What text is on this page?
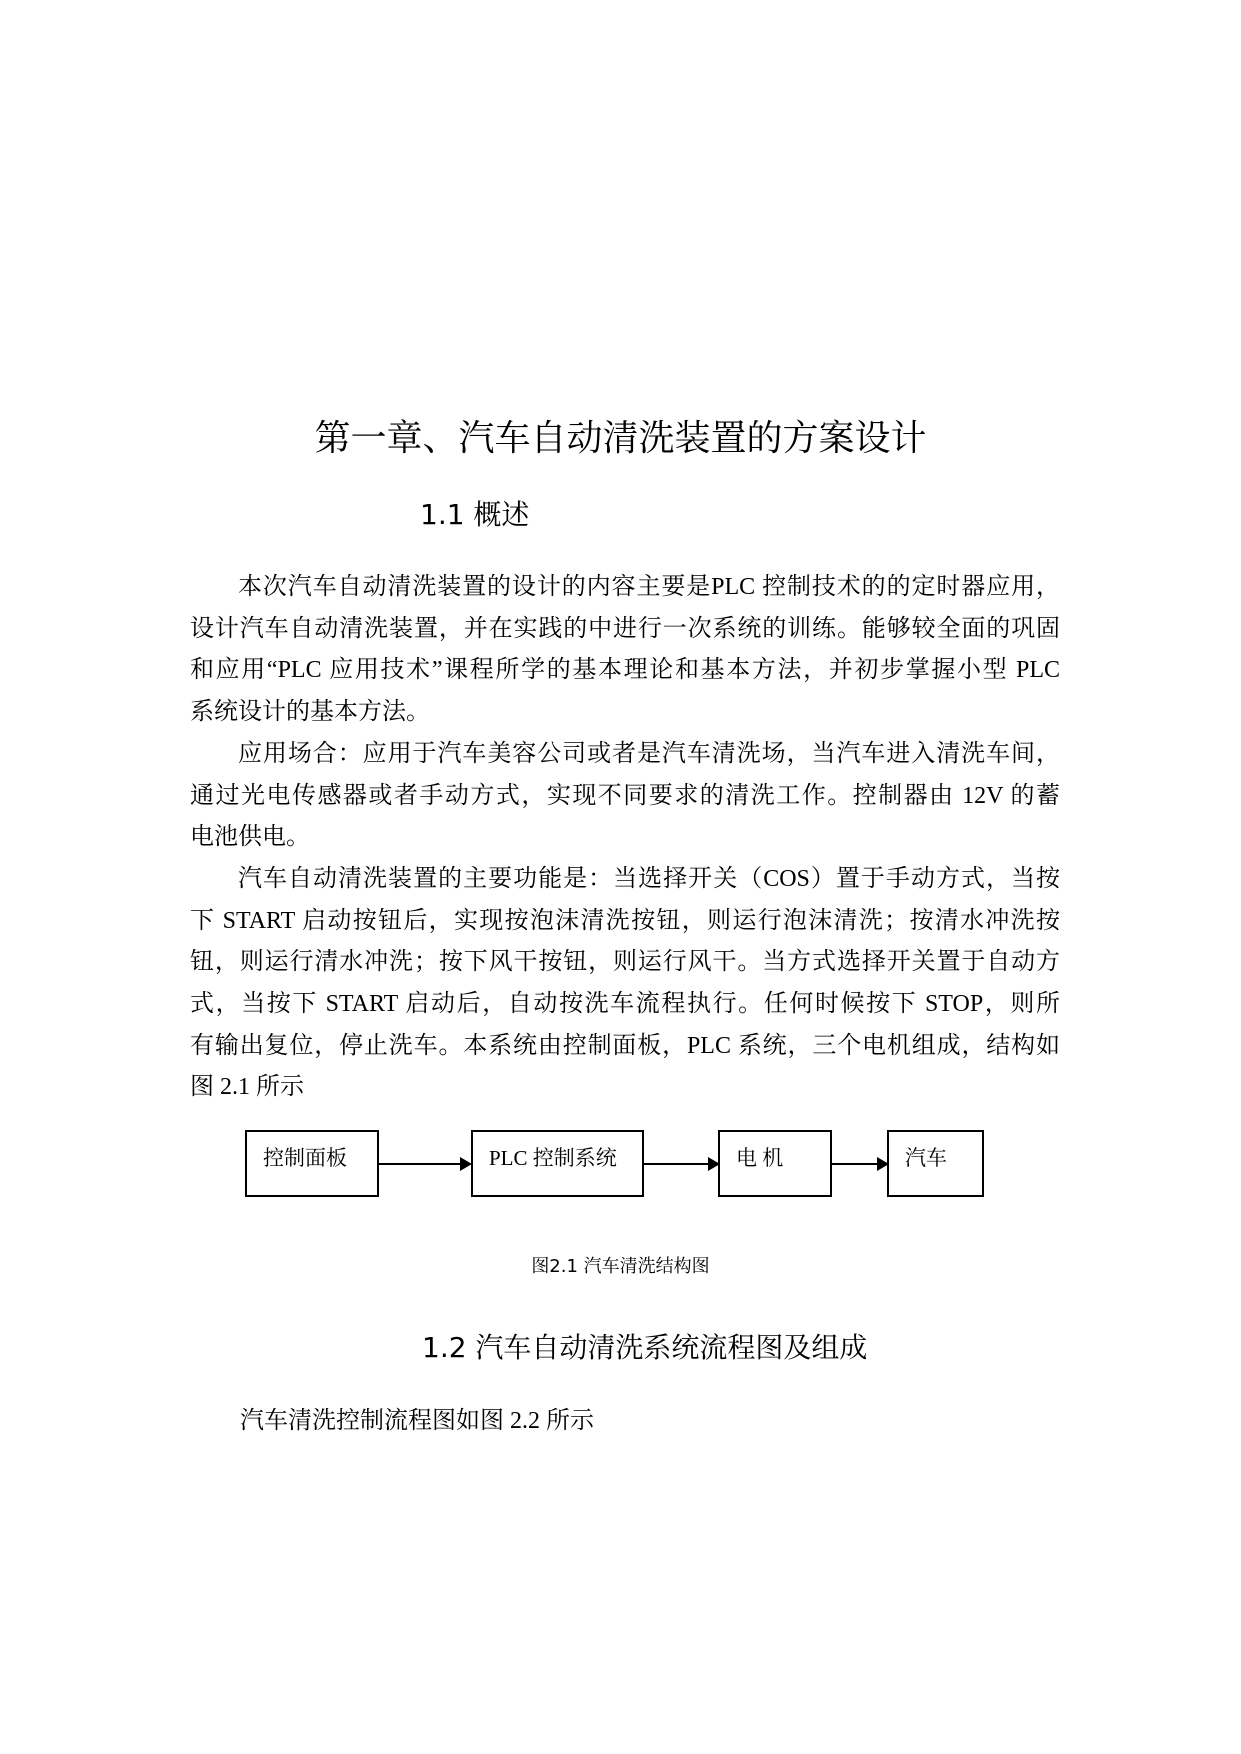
第一章、汽车自动清洗装置的方案设计
1.1 概述
本次汽车自动清洗装置的设计的内容主要是PLC 控制技术的的定时器应用，
设计汽车自动清洗装置，并在实践的中进行一次系统的训练。能够较全面的巩固
和应用“PLC 应用技术”课程所学的基本理论和基本方法，并初步掌握小型 PLC
系统设计的基本方法。
应用场合：应用于汽车美容公司或者是汽车清洗场，当汽车进入清洗车间，
通过光电传感器或者手动方式，实现不同要求的清洗工作。控制器由 12V 的蓄
电池供电。
汽车自动清洗装置的主要功能是：当选择开关（COS）置于手动方式，当按
下 START 启动按钮后，实现按泡沫清洗按钮，则运行泡沫清洗；按清水冲洗按
钮，则运行清水冲洗；按下风干按钮，则运行风干。当方式选择开关置于自动方
式，当按下 START 启动后，自动按洗车流程执行。任何时候按下 STOP，则所
有输出复位，停止洗车。本系统由控制面板，PLC 系统，三个电机组成，结构如
图 2.1 所示
控制面板	PLC 控制系统	电 机	汽车
图2.1 汽车清洗结构图
1.2 汽车自动清洗系统流程图及组成
汽车清洗控制流程图如图 2.2 所示
